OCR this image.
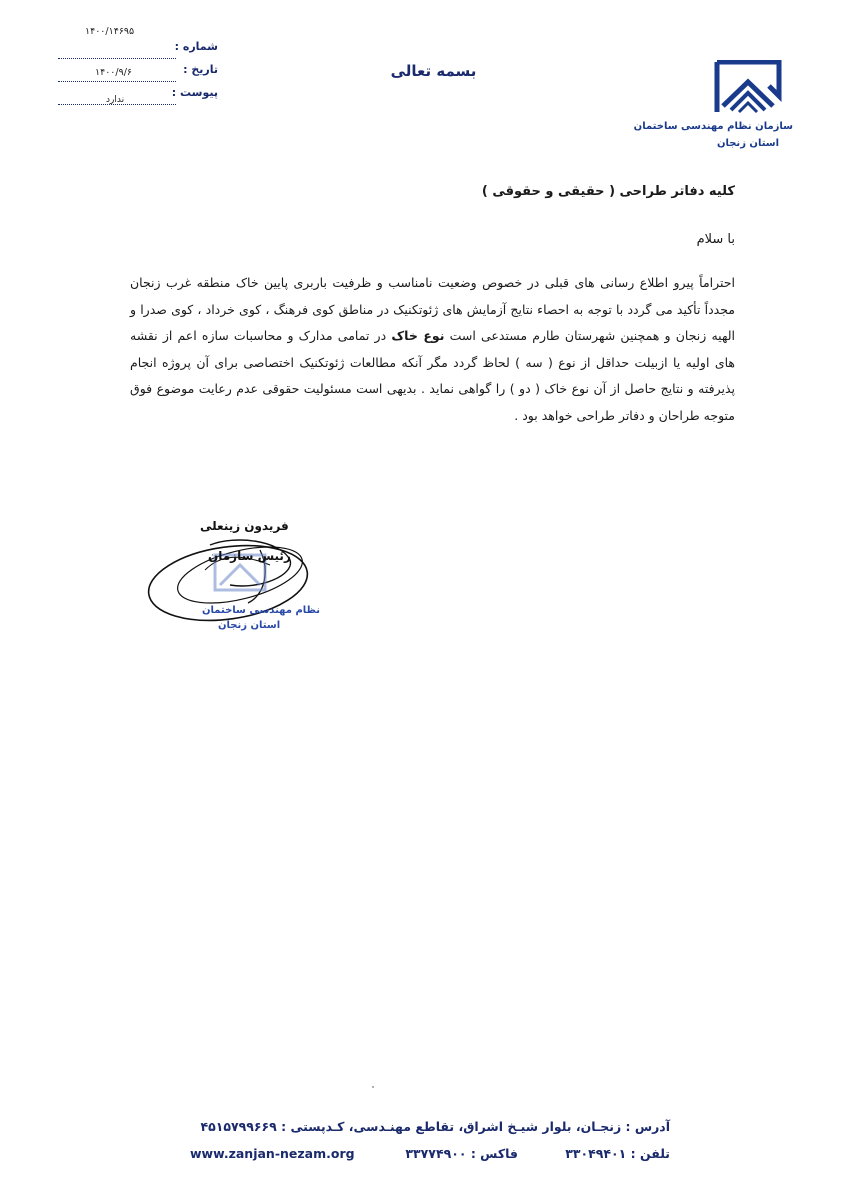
شماره :
۱۴۰۰/۱۴۶۹۵
تاریخ :
پیوست :
۱۴۰۰/۹/۶
ندارد
بسمه تعالی
سازمان نظام مهندسی ساختمان
استان زنجان
کلیه دفاتر طراحی ( حقیقی و حقوقی )
با سلام
احتراماً پیرو اطلاع رسانی های قبلی در خصوص وضعیت نامناسب و ظرفیت باربری پایین خاک منطقه غرب زنجان مجدداً تأکید می گردد با توجه به احصاء نتایج آزمایش های ژئوتکنیک در مناطق کوی فرهنگ ، کوی خرداد ، کوی صدرا و الهیه زنجان و همچنین شهرستان طارم مستدعی است نوع خاک در تمامی مدارک و محاسبات سازه اعم از نقشه های اولیه یا ازبیلت حداقل از نوع ( سه ) لحاظ گردد مگر آنکه مطالعات ژئوتکنیک اختصاصی برای آن پروژه انجام پذیرفته و نتایج حاصل از آن نوع خاک ( دو ) را گواهی نماید . بدیهی است مسئولیت حقوقی عدم رعایت موضوع فوق متوجه طراحان و دفاتر طراحی خواهد بود .
فریدون زینعلی
رئیس سازمان
نظام مهندسی ساختمان
استان زنجان
آدرس : زنجـان، بلوار شیـخ اشراق، تقاطع مهنـدسی، کـدپستی : ۴۵۱۵۷۹۹۶۶۹
تلفن : ۳۳۰۴۹۴۰۱
فاکس : ۳۳۷۷۴۹۰۰
www.zanjan-nezam.org
